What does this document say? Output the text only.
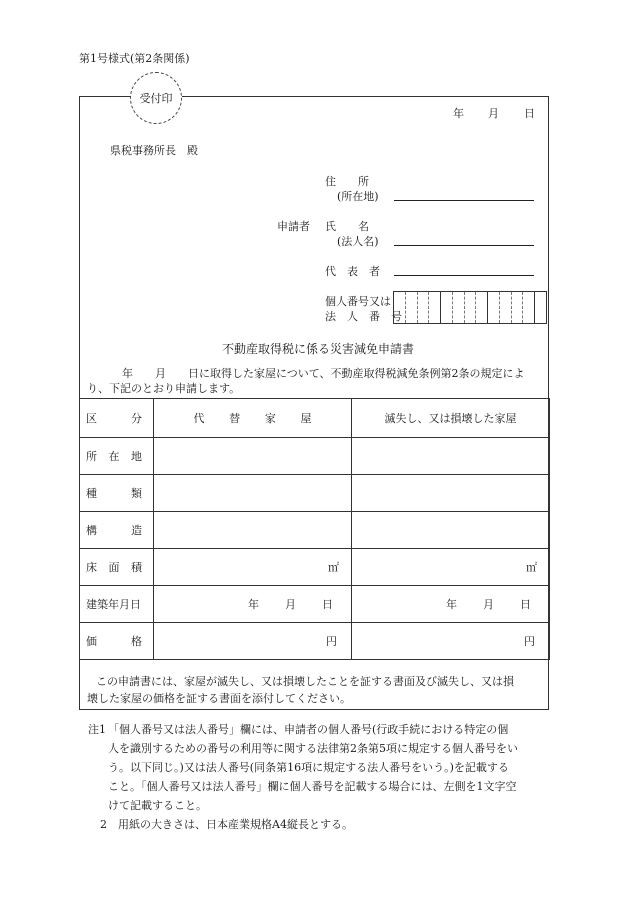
第1号様式(第2条関係)
受付印
年 月 日
県税事務所長　殿
住　　所
(所在地)
申請者 氏　　名
(法人名)
代　表　者
個人番号又は
法　人　番　号
不動産取得税に係る災害減免申請書
年　　月　　日に取得した家屋について、不動産取得税減免条例第2条の規定によ
り、下記のとおり申請します。
区 分	代 替 家 屋	滅失し、又は損壊した家屋

所 在 地		

種 類		

構 造		

床 面 積	㎡	㎡
建築年月日	年 月 日	年 月 日

価 格	円	円
この申請書には、家屋が滅失し、又は損壊したことを証する書面及び滅失し、又は損
壊した家屋の価格を証する書面を添付してください。
注1 「個人番号又は法人番号」欄には、申請者の個人番号(行政手続における特定の個
人を識別するための番号の利用等に関する法律第2条第5項に規定する個人番号をい
う。以下同じ。)又は法人番号(同条第16項に規定する法人番号をいう。)を記載する
こと。「個人番号又は法人番号」欄に個人番号を記載する場合には、左側を1文字空
けて記載すること。
2 用紙の大きさは、日本産業規格A4縦長とする。
